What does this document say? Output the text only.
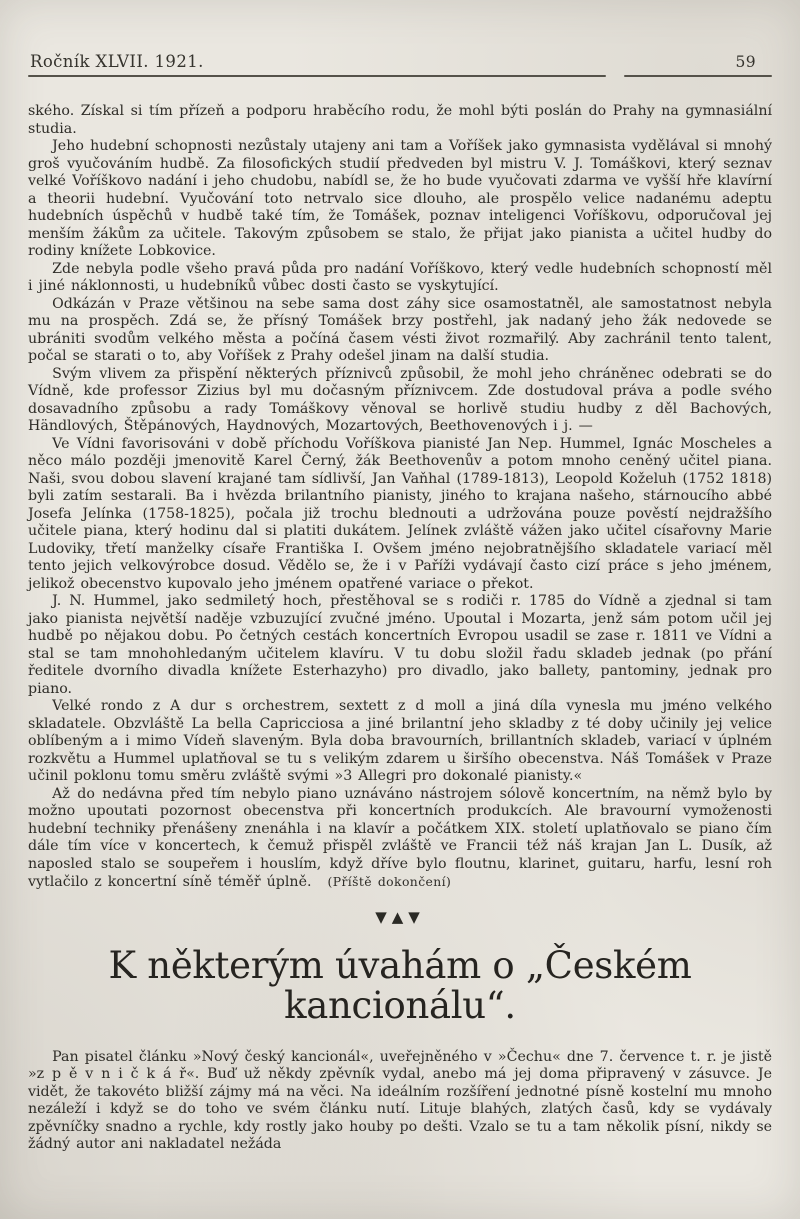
Ročník XLVII. 1921.	59

ského. Získal si tím přízeň a podporu hraběcího rodu, že mohl býti poslán do Prahy na gymnasiální studia.

Jeho hudební schopnosti nezůstaly utajeny ani tam a Voříšek jako gymnasista vydělával si mnohý groš vyučováním hudbě. Za filosofických studií předveden byl mistru V. J. Tomáškovi, který seznav velké Voříškovo nadání i jeho chudobu, nabídl se, že ho bude vyučovati zdarma ve vyšší hře klavírní a theorii hudební. Vyučování toto netrvalo sice dlouho, ale prospělo velice nadanému adeptu hudebních úspěchů v hudbě také tím, že Tomášek, poznav inteligenci Voříškovu, odporučoval jej menším žákům za učitele. Takovým způsobem se stalo, že přijat jako pianista a učitel hudby do rodiny knížete Lobkovice.

Zde nebyla podle všeho pravá půda pro nadání Voříškovo, který vedle hudebních schopností měl i jiné náklonnosti, u hudebníků vůbec dosti často se vyskytující.

Odkázán v Praze většinou na sebe sama dost záhy sice osamostatněl, ale samostatnost nebyla mu na prospěch. Zdá se, že přísný Tomášek brzy postřehl, jak nadaný jeho žák nedovede se ubrániti svodům velkého města a počíná časem vésti život rozmařilý. Aby zachránil tento talent, počal se starati o to, aby Voříšek z Prahy odešel jinam na další studia.

Svým vlivem za přispění některých příznivců způsobil, že mohl jeho chráněnec odebrati se do Vídně, kde professor Zizius byl mu dočasným příznivcem. Zde dostudoval práva a podle svého dosavadního způsobu a rady Tomáškovy věnoval se horlivě studiu hudby z děl Bachových, Händlových, Štěpánových, Haydnových, Mozartových, Beethovenových i j. —

Ve Vídni favorisováni v době příchodu Voříškova pianisté Jan Nep. Hummel, Ignác Moscheles a něco málo později jmenovitě Karel Černý, žák Beethovenův a potom mnoho ceněný učitel piana. Naši, svou dobou slavení krajané tam sídlivší, Jan Vaňhal (1789-1813), Leopold Koželuh (1752 1818) byli zatím sestarali. Ba i hvězda brilantního pianisty, jiného to krajana našeho, stárnoucího abbé Josefa Jelínka (1758-1825), počala již trochu blednouti a udržována pouze pověstí nejdražšího učitele piana, který hodinu dal si platiti dukátem. Jelínek zvláště vážen jako učitel císařovny Marie Ludoviky, třetí manželky císaře Františka I. Ovšem jméno nejobratnějšího skladatele variací měl tento jejich velkovýrobce dosud. Vědělo se, že i v Paříži vydávají často cizí práce s jeho jménem, jelikož obecenstvo kupovalo jeho jménem opatřené variace o překot.

J. N. Hummel, jako sedmiletý hoch, přestěhoval se s rodiči r. 1785 do Vídně a zjednal si tam jako pianista největší naděje vzbuzující zvučné jméno. Upoutal i Mozarta, jenž sám potom učil jej hudbě po nějakou dobu. Po četných cestách koncertních Evropou usadil se zase r. 1811 ve Vídni a stal se tam mnohohledaným učitelem klavíru. V tu dobu složil řadu skladeb jednak (po přání ředitele dvorního divadla knížete Esterhazyho) pro divadlo, jako ballety, pantominy, jednak pro piano.

Velké rondo z A dur s orchestrem, sextett z d moll a jiná díla vynesla mu jméno velkého skladatele. Obzvláště La bella Capricciosa a jiné brilantní jeho skladby z té doby učinily jej velice oblíbeným a i mimo Vídeň slaveným. Byla doba bravourních, brillantních skladeb, variací v úplném rozkvětu a Hummel uplatňoval se tu s velikým zdarem u širšího obecenstva. Náš Tomášek v Praze učinil poklonu tomu směru zvláště svými »3 Allegri pro dokonalé pianisty.«

Až do nedávna před tím nebylo piano uznáváno nástrojem sólově koncertním, na němž bylo by možno upoutati pozornost obecenstva při koncertních produkcích. Ale bravourní vymoženosti hudební techniky přenášeny znenáhla i na klavír a počátkem XIX. století uplatňovalo se piano čím dále tím více v koncertech, k čemuž přispěl zvláště ve Francii též náš krajan Jan L. Dusík, až naposled stalo se soupeřem i houslím, když dříve bylo floutnu, klarinet, guitaru, harfu, lesní roh vytlačilo z koncertní síně téměř úplně. (Příště dokončení)

▼▲▼
K některým úvahám o „Českém kancionálu“.

Pan pisatel článku »Nový český kancionál«, uveřejněného v »Čechu« dne 7. července t. r. je jistě »z p ě v n i č k á ř«. Buď už někdy zpěvník vydal, anebo má jej doma připravený v zásuvce. Je vidět, že takovéto bližší zájmy má na věci. Na ideálním rozšíření jednotné písně kostelní mu mnoho nezáleží i když se do toho ve svém článku nutí. Lituje blahých, zlatých časů, kdy se vydávaly zpěvníčky snadno a rychle, kdy rostly jako houby po dešti. Vzalo se tu a tam několik písní, nikdy se žádný autor ani nakladatel nežáda
